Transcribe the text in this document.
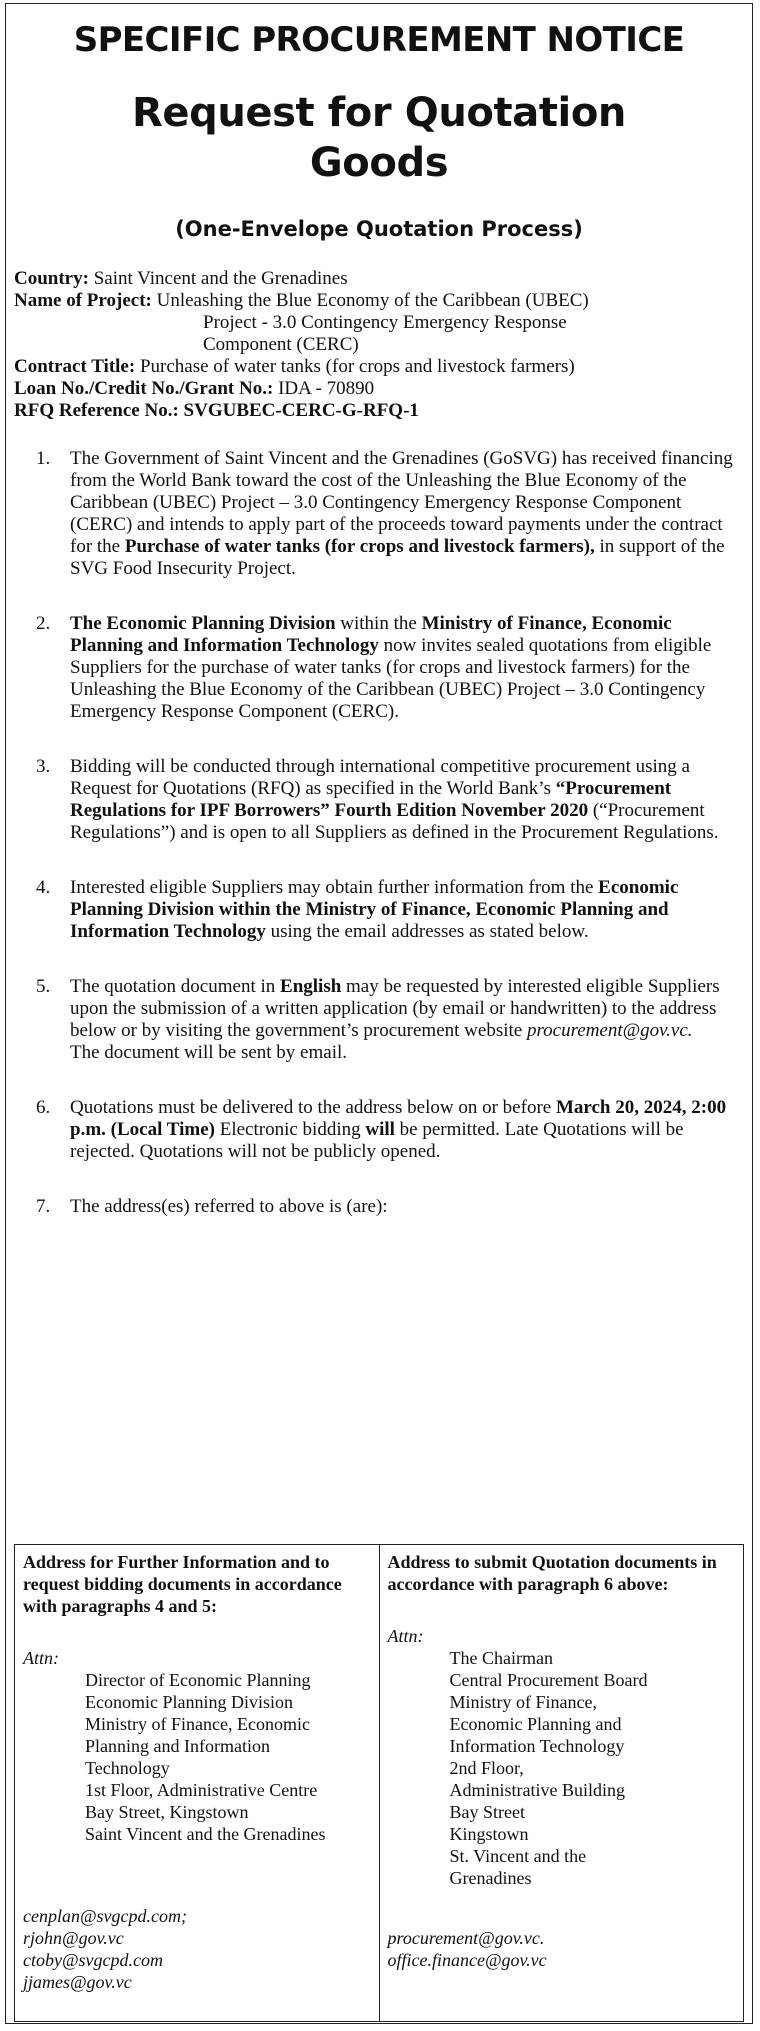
SPECIFIC PROCUREMENT NOTICE
Request for Quotation
Goods
(One-Envelope Quotation Process)
Country: Saint Vincent and the Grenadines
Name of Project: Unleashing the Blue Economy of the Caribbean (UBEC)
Project - 3.0 Contingency Emergency Response
Component (CERC)
Contract Title: Purchase of water tanks (for crops and livestock farmers)
Loan No./Credit No./Grant No.: IDA - 70890
RFQ Reference No.: SVGUBEC-CERC-G-RFQ-1
1. The Government of Saint Vincent and the Grenadines (GoSVG) has received financing from the World Bank toward the cost of the Unleashing the Blue Economy of the Caribbean (UBEC) Project – 3.0 Contingency Emergency Response Component (CERC) and intends to apply part of the proceeds toward payments under the contract for the Purchase of water tanks (for crops and livestock farmers), in support of the SVG Food Insecurity Project.
2. The Economic Planning Division within the Ministry of Finance, Economic Planning and Information Technology now invites sealed quotations from eligible Suppliers for the purchase of water tanks (for crops and livestock farmers) for the Unleashing the Blue Economy of the Caribbean (UBEC) Project – 3.0 Contingency Emergency Response Component (CERC).
3. Bidding will be conducted through international competitive procurement using a Request for Quotations (RFQ) as specified in the World Bank’s “Procurement Regulations for IPF Borrowers” Fourth Edition November 2020 (“Procurement Regulations”) and is open to all Suppliers as defined in the Procurement Regulations.
4. Interested eligible Suppliers may obtain further information from the Economic Planning Division within the Ministry of Finance, Economic Planning and Information Technology using the email addresses as stated below.
5. The quotation document in English may be requested by interested eligible Suppliers upon the submission of a written application (by email or handwritten) to the address below or by visiting the government’s procurement website procurement@gov.vc.
The document will be sent by email.
6. Quotations must be delivered to the address below on or before March 20, 2024, 2:00 p.m. (Local Time) Electronic bidding will be permitted. Late Quotations will be rejected. Quotations will not be publicly opened.
7. The address(es) referred to above is (are):
Address for Further Information and to request bidding documents in accordance with paragraphs 4 and 5:
Attn:
Director of Economic Planning
Economic Planning Division
Ministry of Finance, Economic
Planning and Information
Technology
1st Floor, Administrative Centre
Bay Street, Kingstown
Saint Vincent and the Grenadines
cenplan@svgcpd.com;
rjohn@gov.vc
ctoby@svgcpd.com
jjames@gov.vc

Address to submit Quotation documents in accordance with paragraph 6 above:
Attn:
The Chairman
Central Procurement Board
Ministry of Finance,
Economic Planning and
Information Technology
2nd Floor,
Administrative Building
Bay Street
Kingstown
St. Vincent and the
Grenadines
procurement@gov.vc.
office.finance@gov.vc
